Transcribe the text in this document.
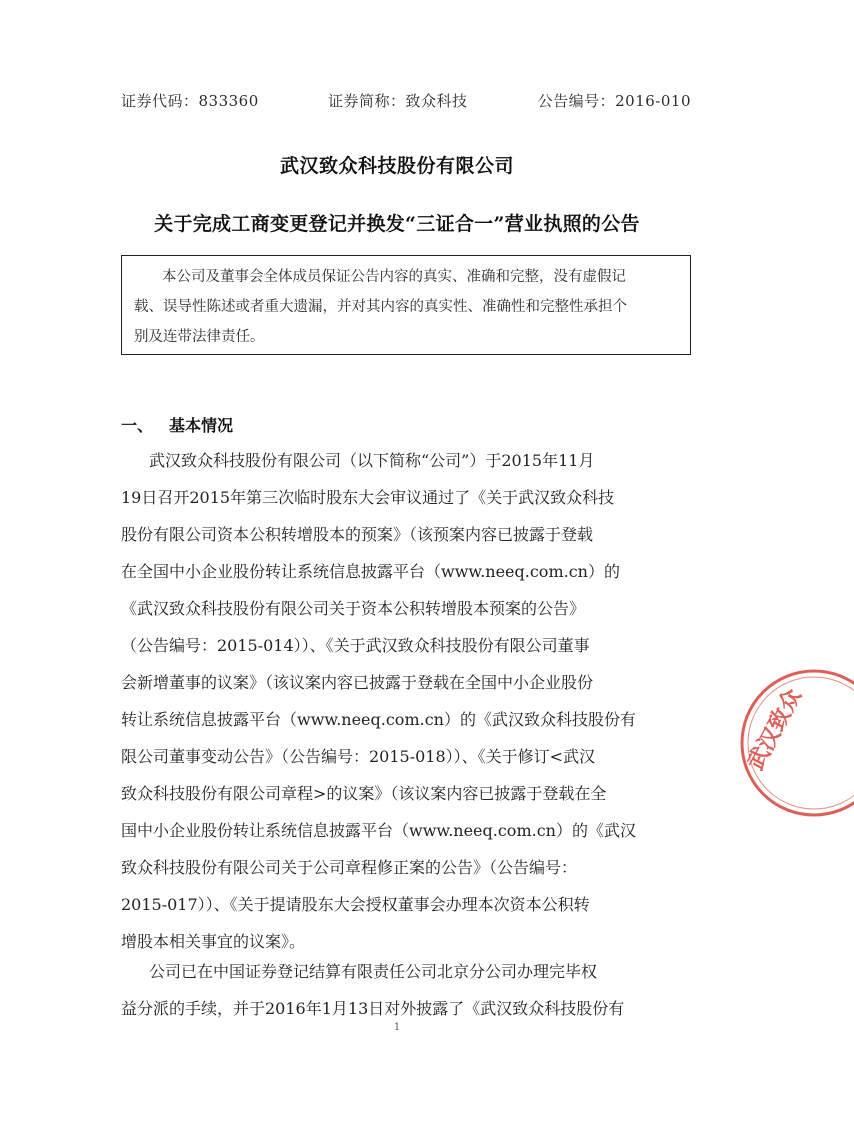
证券代码：833360	证券简称：致众科技	公告编号：2016-010
武汉致众科技股份有限公司
关于完成工商变更登记并换发“三证合一”营业执照的公告
本公司及董事会全体成员保证公告内容的真实、准确和完整，没有虚假记
载、误导性陈述或者重大遗漏，并对其内容的真实性、准确性和完整性承担个
别及连带法律责任。
一、 基本情况
武汉致众科技股份有限公司（以下简称“公司”）于2015年11月
19日召开2015年第三次临时股东大会审议通过了《关于武汉致众科技
股份有限公司资本公积转增股本的预案》（该预案内容已披露于登载
在全国中小企业股份转让系统信息披露平台（www.neeq.com.cn）的
《武汉致众科技股份有限公司关于资本公积转增股本预案的公告》
（公告编号：2015-014））、《关于武汉致众科技股份有限公司董事
会新增董事的议案》（该议案内容已披露于登载在全国中小企业股份
转让系统信息披露平台（www.neeq.com.cn）的《武汉致众科技股份有
限公司董事变动公告》（公告编号：2015-018））、《关于修订<武汉
致众科技股份有限公司章程>的议案》（该议案内容已披露于登载在全
国中小企业股份转让系统信息披露平台（www.neeq.com.cn）的《武汉
致众科技股份有限公司关于公司章程修正案的公告》（公告编号：
2015-017））、《关于提请股东大会授权董事会办理本次资本公积转
增股本相关事宜的议案》。
公司已在中国证券登记结算有限责任公司北京分公司办理完毕权
益分派的手续，并于2016年1月13日对外披露了《武汉致众科技股份有
1
武汉致众
